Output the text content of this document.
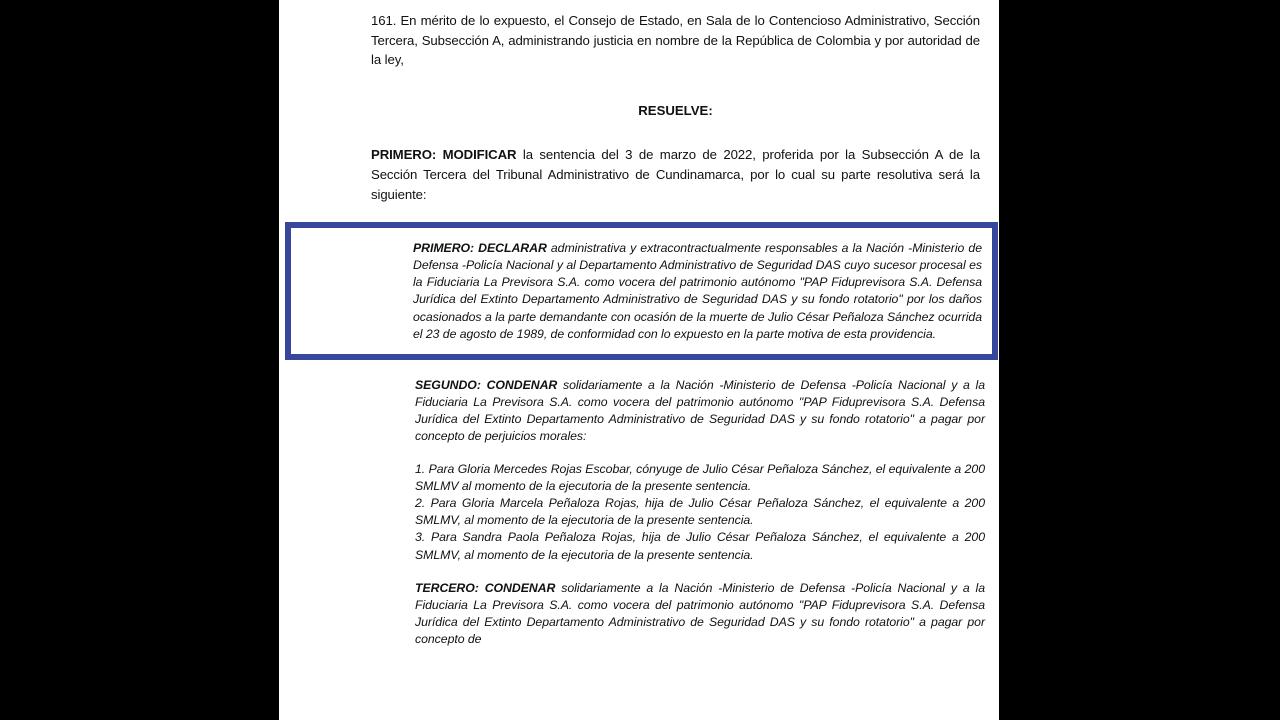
161. En mérito de lo expuesto, el Consejo de Estado, en Sala de lo Contencioso Administrativo, Sección Tercera, Subsección A, administrando justicia en nombre de la República de Colombia y por autoridad de la ley,

RESUELVE:

PRIMERO: MODIFICAR la sentencia del 3 de marzo de 2022, proferida por la Subsección A de la Sección Tercera del Tribunal Administrativo de Cundinamarca, por lo cual su parte resolutiva será la siguiente:

PRIMERO: DECLARAR administrativa y extracontractualmente responsables a la Nación -Ministerio de Defensa -Policía Nacional y al Departamento Administrativo de Seguridad DAS cuyo sucesor procesal es la Fiduciaria La Previsora S.A. como vocera del patrimonio autónomo "PAP Fiduprevisora S.A. Defensa Jurídica del Extinto Departamento Administrativo de Seguridad DAS y su fondo rotatorio" por los daños ocasionados a la parte demandante con ocasión de la muerte de Julio César Peñaloza Sánchez ocurrida el 23 de agosto de 1989, de conformidad con lo expuesto en la parte motiva de esta providencia.

SEGUNDO: CONDENAR solidariamente a la Nación -Ministerio de Defensa -Policía Nacional y a la Fiduciaria La Previsora S.A. como vocera del patrimonio autónomo "PAP Fiduprevisora S.A. Defensa Jurídica del Extinto Departamento Administrativo de Seguridad DAS y su fondo rotatorio" a pagar por concepto de perjuicios morales:

1. Para Gloria Mercedes Rojas Escobar, cónyuge de Julio César Peñaloza Sánchez, el equivalente a 200 SMLMV al momento de la ejecutoria de la presente sentencia.

2. Para Gloria Marcela Peñaloza Rojas, hija de Julio César Peñaloza Sánchez, el equivalente a 200 SMLMV, al momento de la ejecutoria de la presente sentencia.

3. Para Sandra Paola Peñaloza Rojas, hija de Julio César Peñaloza Sánchez, el equivalente a 200 SMLMV, al momento de la ejecutoria de la presente sentencia.

TERCERO: CONDENAR solidariamente a la Nación -Ministerio de Defensa -Policía Nacional y a la Fiduciaria La Previsora S.A. como vocera del patrimonio autónomo "PAP Fiduprevisora S.A. Defensa Jurídica del Extinto Departamento Administrativo de Seguridad DAS y su fondo rotatorio" a pagar por concepto de
